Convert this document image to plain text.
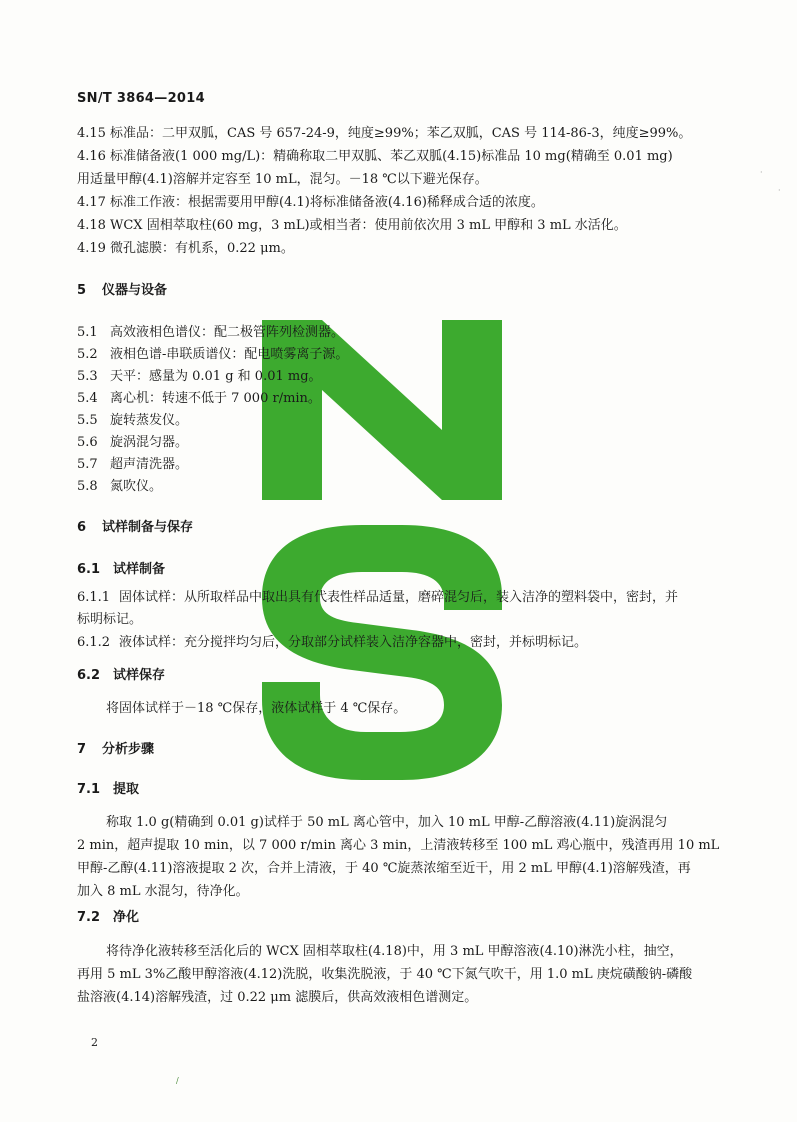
SN/T 3864—2014
4.15 标准品：二甲双胍，CAS 号 657-24-9，纯度≥99%；苯乙双胍，CAS 号 114-86-3，纯度≥99%。
4.16 标准储备液(1 000 mg/L)：精确称取二甲双胍、苯乙双胍(4.15)标准品 10 mg(精确至 0.01 mg)
用适量甲醇(4.1)溶解并定容至 10 mL，混匀。－18 ℃以下避光保存。
4.17 标准工作液：根据需要用甲醇(4.1)将标准储备液(4.16)稀释成合适的浓度。
4.18 WCX 固相萃取柱(60 mg，3 mL)或相当者：使用前依次用 3 mL 甲醇和 3 mL 水活化。
4.19 微孔滤膜：有机系，0.22 μm。
5 仪器与设备
5.1 高效液相色谱仪：配二极管阵列检测器。
5.2 液相色谱-串联质谱仪：配电喷雾离子源。
5.3 天平：感量为 0.01 g 和 0.01 mg。
5.4 离心机：转速不低于 7 000 r/min。
5.5 旋转蒸发仪。
5.6 旋涡混匀器。
5.7 超声清洗器。
5.8 氮吹仪。
6 试样制备与保存
6.1 试样制备
6.1.1 固体试样：从所取样品中取出具有代表性样品适量，磨碎混匀后，装入洁净的塑料袋中，密封，并
标明标记。
6.1.2 液体试样：充分搅拌均匀后，分取部分试样装入洁净容器中，密封，并标明标记。
6.2 试样保存
将固体试样于－18 ℃保存，液体试样于 4 ℃保存。
7 分析步骤
7.1 提取
称取 1.0 g(精确到 0.01 g)试样于 50 mL 离心管中，加入 10 mL 甲醇-乙醇溶液(4.11)旋涡混匀
2 min，超声提取 10 min，以 7 000 r/min 离心 3 min，上清液转移至 100 mL 鸡心瓶中，残渣再用 10 mL
甲醇-乙醇(4.11)溶液提取 2 次，合并上清液，于 40 ℃旋蒸浓缩至近干，用 2 mL 甲醇(4.1)溶解残渣，再
加入 8 mL 水混匀，待净化。
7.2 净化
将待净化液转移至活化后的 WCX 固相萃取柱(4.18)中，用 3 mL 甲醇溶液(4.10)淋洗小柱，抽空，
再用 5 mL 3%乙酸甲醇溶液(4.12)洗脱，收集洗脱液，于 40 ℃下氮气吹干，用 1.0 mL 庚烷磺酸钠-磷酸
盐溶液(4.14)溶解残渣，过 0.22 μm 滤膜后，供高效液相色谱测定。
2
·
·
/
